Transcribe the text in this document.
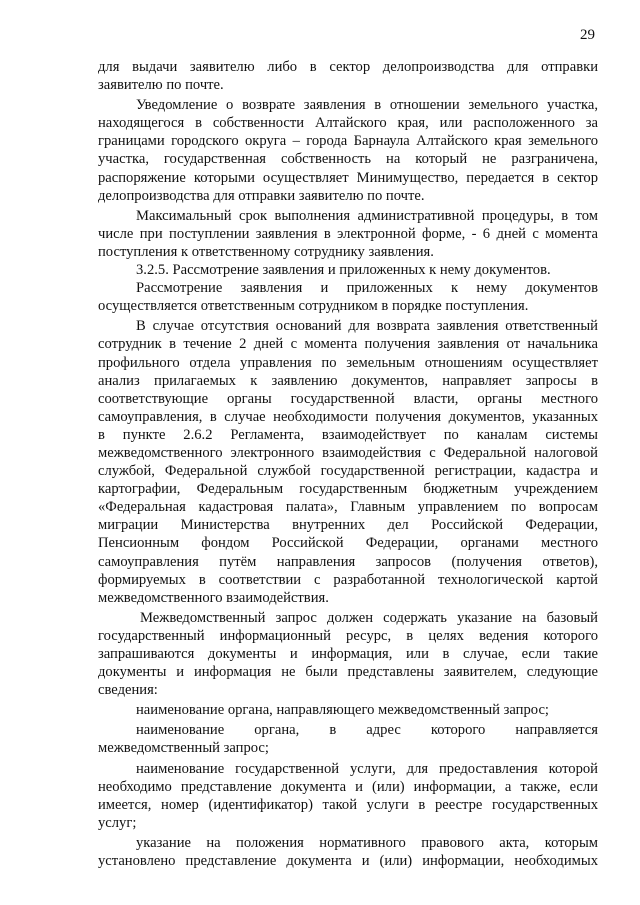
29
для выдачи заявителю либо в сектор делопроизводства для отправки
заявителю по почте.
Уведомление о возврате заявления в отношении земельного участка,
находящегося в собственности Алтайского края, или расположенного за
границами городского округа – города Барнаула Алтайского края земельного
участка, государственная собственность на который не разграничена,
распоряжение которыми осуществляет Минимущество, передается в сектор
делопроизводства для отправки заявителю по почте.
Максимальный срок выполнения административной процедуры, в том
числе при поступлении заявления в электронной форме, - 6 дней с момента
поступления к ответственному сотруднику заявления.
3.2.5. Рассмотрение заявления и приложенных к нему документов.
Рассмотрение заявления и приложенных к нему документов
осуществляется ответственным сотрудником в порядке поступления.
В случае отсутствия оснований для возврата заявления ответственный
сотрудник в течение 2 дней с момента получения заявления от начальника
профильного отдела управления по земельным отношениям осуществляет
анализ прилагаемых к заявлению документов, направляет запросы в
соответствующие органы государственной власти, органы местного
самоуправления, в случае необходимости получения документов, указанных
в пункте 2.6.2 Регламента, взаимодействует по каналам системы
межведомственного электронного взаимодействия с Федеральной налоговой
службой, Федеральной службой государственной регистрации, кадастра и
картографии, Федеральным государственным бюджетным учреждением
«Федеральная кадастровая палата», Главным управлением по вопросам
миграции Министерства внутренних дел Российской Федерации,
Пенсионным фондом Российской Федерации, органами местного
самоуправления путём направления запросов (получения ответов),
формируемых в соответствии с разработанной технологической картой
межведомственного взаимодействия.
Межведомственный запрос должен содержать указание на базовый
государственный информационный ресурс, в целях ведения которого
запрашиваются документы и информация, или в случае, если такие
документы и информация не были представлены заявителем, следующие
сведения:
наименование органа, направляющего межведомственный запрос;
наименование органа, в адрес которого направляется
межведомственный запрос;
наименование государственной услуги, для предоставления которой
необходимо представление документа и (или) информации, а также, если
имеется, номер (идентификатор) такой услуги в реестре государственных
услуг;
указание на положения нормативного правового акта, которым
установлено представление документа и (или) информации, необходимых
